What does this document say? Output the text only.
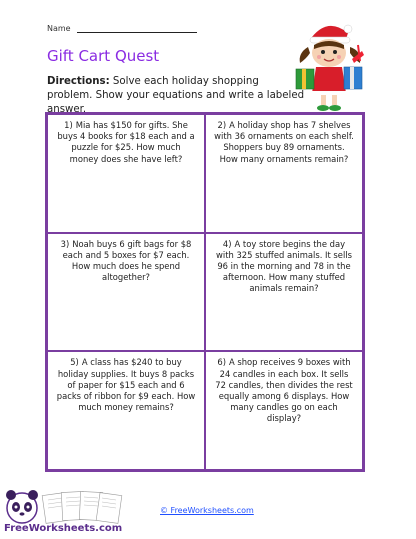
Name
Gift Cart Quest
Directions: Solve each holiday shopping problem. Show your equations and write a labeled answer.
1) Mia has $150 for gifts. She buys 4 books for $18 each and a puzzle for $25. How much money does she have left?
2) A holiday shop has 7 shelves with 36 ornaments on each shelf. Shoppers buy 89 ornaments. How many ornaments remain?
3) Noah buys 6 gift bags for $8 each and 5 boxes for $7 each. How much does he spend altogether?
4) A toy store begins the day with 325 stuffed animals. It sells 96 in the morning and 78 in the afternoon. How many stuffed animals remain?
5) A class has $240 to buy holiday supplies. It buys 8 packs of paper for $15 each and 6 packs of ribbon for $9 each. How much money remains?
6) A shop receives 9 boxes with 24 candles in each box. It sells 72 candles, then divides the rest equally among 6 displays. How many candles go on each display?
FreeWorksheets.com
© FreeWorksheets.com
